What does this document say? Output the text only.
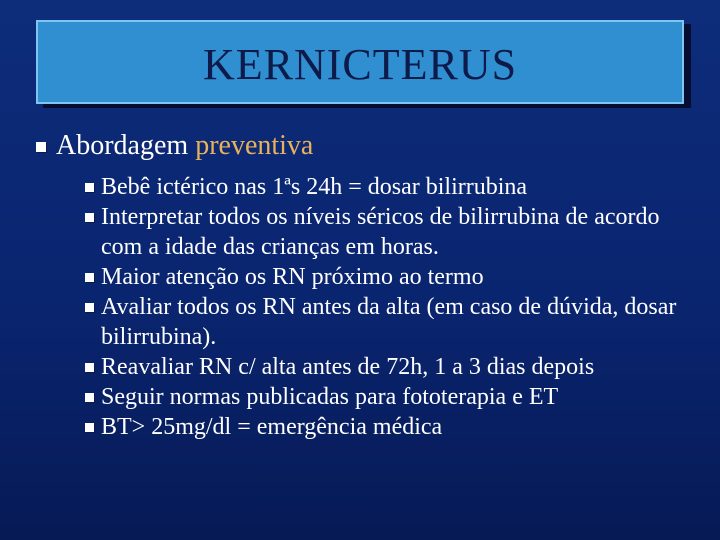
KERNICTERUS
Abordagem preventiva
Bebê ictérico nas 1ªs 24h = dosar bilirrubina
Interpretar todos os níveis séricos de bilirrubina de acordo com a idade das crianças em horas.
Maior atenção os RN próximo ao termo
Avaliar todos os RN antes da alta (em caso de dúvida, dosar bilirrubina).
Reavaliar RN c/ alta antes de 72h, 1 a 3 dias depois
Seguir normas publicadas para fototerapia e ET
BT> 25mg/dl = emergência médica
